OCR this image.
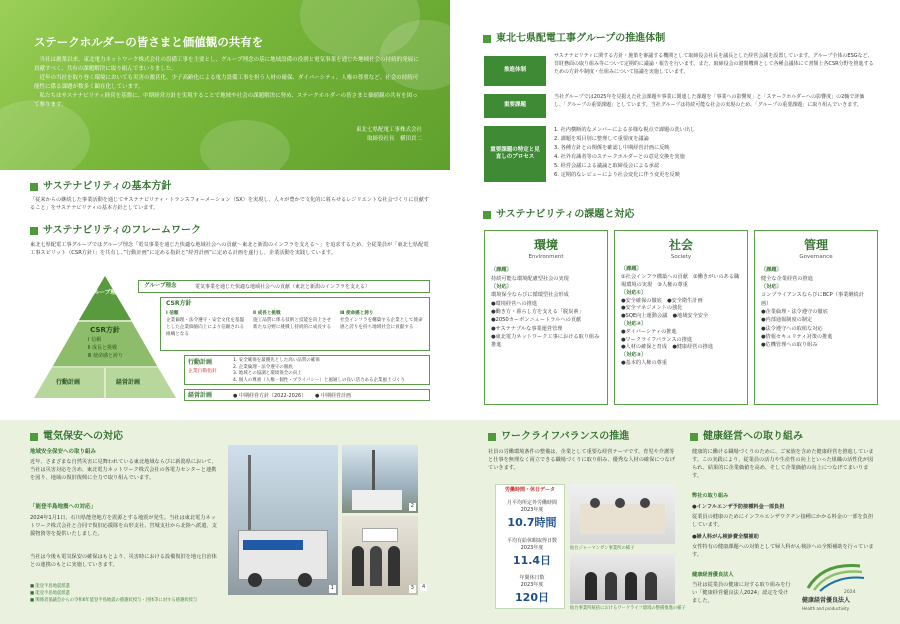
ステークホルダーの皆さまと価値観の共有を

当社は創業以来、東北電力ネットワーク株式会社の設備工事を主要とし、グループ理念の基に地域設備の役割と電気事業を通じた地域社会の持続的発展に貢献すべく、共有の課題解決に取り組んでまいりました。

近年の当社を取り巻く環境においても災害の激甚化、少子高齢化による電力設備工事を担う人材の確保、ダイバーシティ、人権の尊重など、社会の持続可能性に係る課題が数多く顕在化しています。

私たちはサステナビリティ経営を基盤に、中期経営方針を実現することで地域や社会の課題解決に努め、ステークホルダーの皆さまと価値観の共有を図って参ります。

東北七県配電工事株式会社
取締役社長　横田貢二
サステナビリティの基本方針
「従来からの継続した事業活動を通じてサステナビリティ・トランスフォーメーション（SX）を実現し、人々が豊かで文化的に暮らせるレジリエントな社会づくりに貢献すること」をサステナビリティの基本方針としています。
サステナビリティのフレームワーク
東北七県配電工事グループではグループ理念「電気事業を通じた快適な地域社会への貢献～東北と新潟のインフラを支える～」を追求するため、全従業員が「東北七県配電工事スピリット（CSR方針）」を共有し、”行動計画”に定める指針と”経営計画”に定める計画を遂行し、企業活動を実践しています。
グループ理念
CSR方針
Ⅰ 信頼
Ⅱ 成長と挑戦
Ⅲ 使命感と誇り
行動計画	経営計画
グループ理念	電気事業を通じた快適な地域社会への貢献（東北と新潟のインフラを支える）
CSR方針
Ⅰ 信頼
企業倫理・法令遵守・安全文化を基盤とした企業価値向上により信頼される組織となる
Ⅱ 成長と挑戦
施工品質に係る技術と技能を向上させ新たな分野に挑戦し持続的に成長する
Ⅲ 使命感と誇り
社会インフラを構築する企業として使命感と誇りを持ち地域社会に貢献する
行動計画
企業行動指針
1. 安全確保を最優先とした高い品質の確保
2. 企業倫理・法令遵守の徹底
3. 地域との協調と環境保全の向上
4. 個人の尊重（人権・個性・プライバシー）と風通しの良い活力ある企業風土づくり
経営計画	● 中期経営方針（2022-2026） ● 中期経営計画
東北七県配電工事グループの推進体制
推進体制
サステナビリティに関する方針・施策を審議する機関として取締役会社長を議長とした経営会議を設置しています。グループ全体のESGなど、非財務面の取り組み等について定期的に議論・報告を行います。また、取締役会の諮問機関として各種会議体にて書類上各CSR分野を推進するための方針や制度・仕組みについて協議を実施しています。
重要課題
当社グループでは2025年を見据えた社会課題や事業に関連した課題を「事業への影響度」と「ステークホルダーへの影響度」の2軸で評価し、「グループの重要課題」としています。当社グループは持続可能な社会の実現のため、「グループの重要課題」に取り組んでいきます。
重要課題の特定と見直しのプロセス
1. 社内横断的なメンバーによる多様な視点で課題の洗い出し
2. 課題を項目別に整理して重要度を議論
3. 各種方針との関係を確認し中期経営計画に反映
4. 社外有識者等のステークホルダーとの意見交換を実施
5. 経営会議による議論と取締役会による承認
6. 定期的なレビューにより社会変化に伴う変更を反映
サステナビリティの課題と対応
環境
Environment
〔課題〕
持続可能な環境配慮型社会の実現
〔対応〕
環境保全ならびに循環型社会形成
●環境経営への推進
●働き方・暮らし方を支える「脱炭素」
●2050カーボンニュートラルへの貢献
●サステナブルな事業運営管理
●東北電力ネットワーク工事における取り組み推進
社会
Society
〔課題〕
①社会インフラ構築への貢献　②働きがいのある職場環境の実現　③人権の尊重
〔対応①〕
●安全確保の徹底　●安全衛生計画
●安全マネジメントの強化
●SQE向上運動会議　●地域安全安全
〔対応②〕
●ダイバーシティの推進
●ワークライフバランスの推進
●人材の確保と育成　●健康経営の推進
〔対応③〕
●基本的人権の尊重
管理
Governance
〔課題〕
健全な企業経営の推進
〔対応〕
コンプライアンスならびにBCP（事業継続計画）
●企業倫理・法令遵守の徹底
●内部通報制度の制定
●法令遵守への取組な対応
●情報セキュリティ対策の推進
●危機管理への取り組み
電気保安への対応
地域安全保安への取り組み
近年、さまざまな自然災害に見舞われている東北地域ならびに新潟県において、当社は災害対応を含め、東北電力ネットワーク株式会社の各電力センターと連携を図り、地域の復旧復興に全力で取り組んでいます。
「能登半島地震への対応」
2024年1月1日、石川県能登地方を震源とする地震が発生。当社は東北電力ネットワーク株式会社と合同で復旧応援隊を山形支社、宮城支社から北陸へ派遣、支援物資等を提供いたしました。
当社は今後も電気保安の確保はもとより、災害時における設備復旧を地元自治体との連携のもとに実施していきます。
■ 能登半島地震派遣
■ 能登半島地震派遣
■ 関係者協議会からの令和6年能登半島地震の感謝状授与・団体等に対する感謝状授与
1
2
3	4
ワークライフバランスの推進
社員の労働環境条件の整備は、企業として重要な経営テーマです。育児や介護等と仕事を無理なく両立できる職場づくりに取り組み、優秀な人材の確保につなげていきます。
労働時間・休日データ
月平均所定外労働時間
2023年度
10.7時間
平均有給休暇取得日数
2023年度
11.4日
年間休日数
2023年度
120日
仙台ジャーマンガン事業所の様子
仙台事業所統括におけるワークライフ環境の整備推進の様子
健康経営への取り組み
健康的に働ける職場づくりのために、ご家族を含めた健康経営を推進しています。この実践により、従業員の活力や生産性の向上といった組織の活性化が図られ、結果的に企業価値を高め、そして企業価値の向上につなげてまいります。
弊社の取り組み
●インフルエンザ予防接種料金一部負担
従業員の健康のためにインフルエンザワクチン接種にかかる料金の一部を負担しています。
●婦人科がん検診費全額補助
女性特有の健康課題への対策として婦人科がん検診への全額補助を行っています。
健康経営優良法人
当社は従業員の健康に対する取り組みを行い「健康経営優良法人2024」認定を受けました。
2024
健康経営優良法人
Health and productivity
